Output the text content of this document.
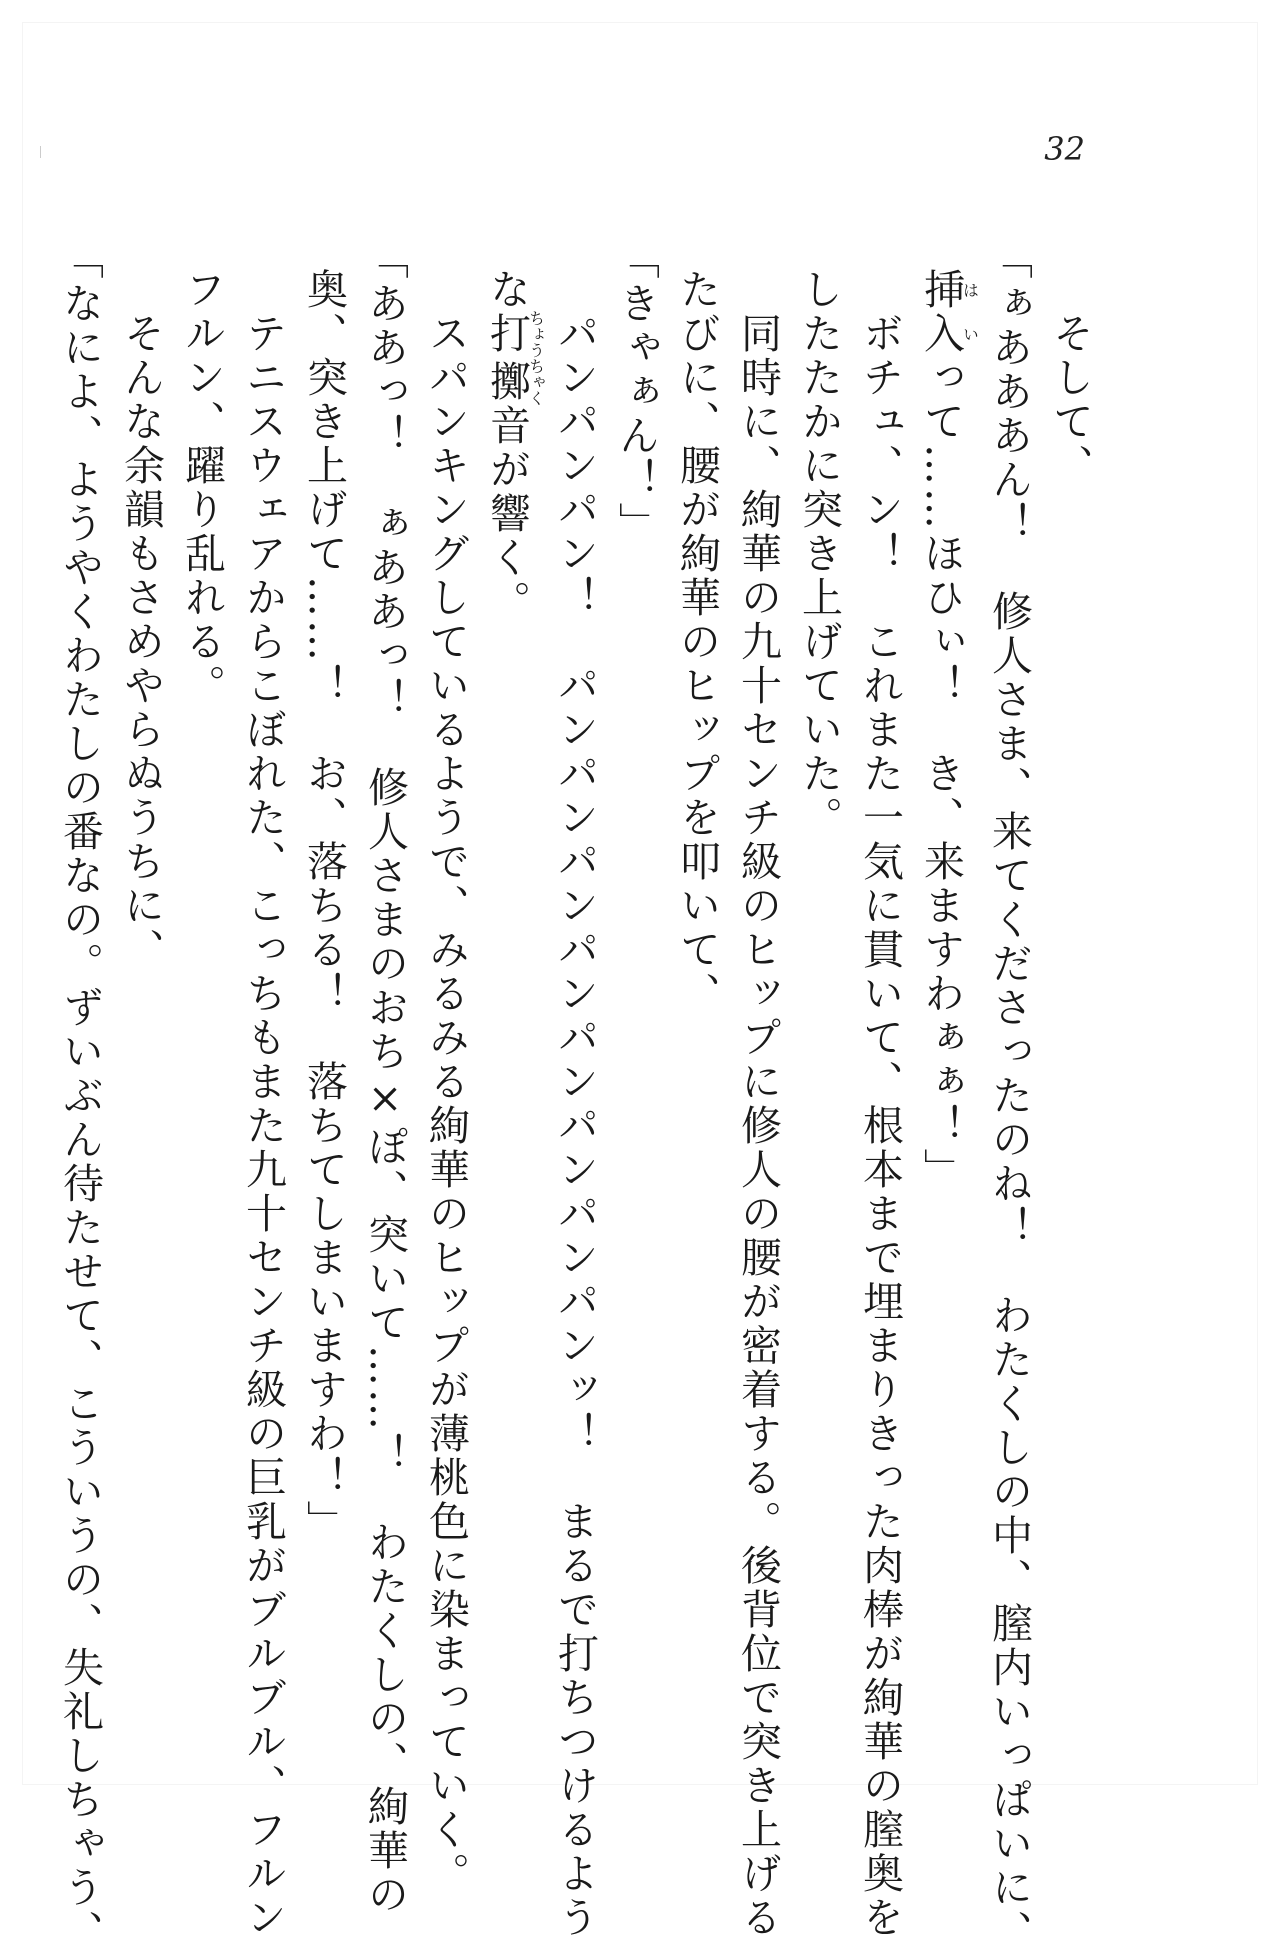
32
　そして、
「ぁあああん！　修人さま、来てくださったのね！　わたくしの中、膣内いっぱいに、
挿入はいって……ほひぃ！　き、来ますわぁぁ！」
　ボチュ、ン！　これまた一気に貫いて、根本まで埋まりきった肉棒が絢華の膣奥を
したたかに突き上げていた。
　同時に、絢華の九十センチ級のヒップに修人の腰が密着する。後背位で突き上げる
たびに、腰が絢華のヒップを叩いて、
「きゃぁん！」
　パンパンパン！　パンパンパンパンパンパンパンパンッ！　まるで打ちつけるよう
な打擲ちょうちゃく音が響く。
　スパンキングしているようで、みるみる絢華のヒップが薄桃色に染まっていく。
「ああっ！　ぁああっ！　修人さまのおち×ぽ、突いて……！　わたくしの、絢華の
奥、突き上げて……！　お、落ちる！　落ちてしまいますわ！」
　テニスウェアからこぼれた、こっちもまた九十センチ級の巨乳がブルブル、フルン
フルン、躍り乱れる。
　そんな余韻もさめやらぬうちに、
「なによ、ようやくわたしの番なの。ずいぶん待たせて、こういうの、失礼しちゃう、
